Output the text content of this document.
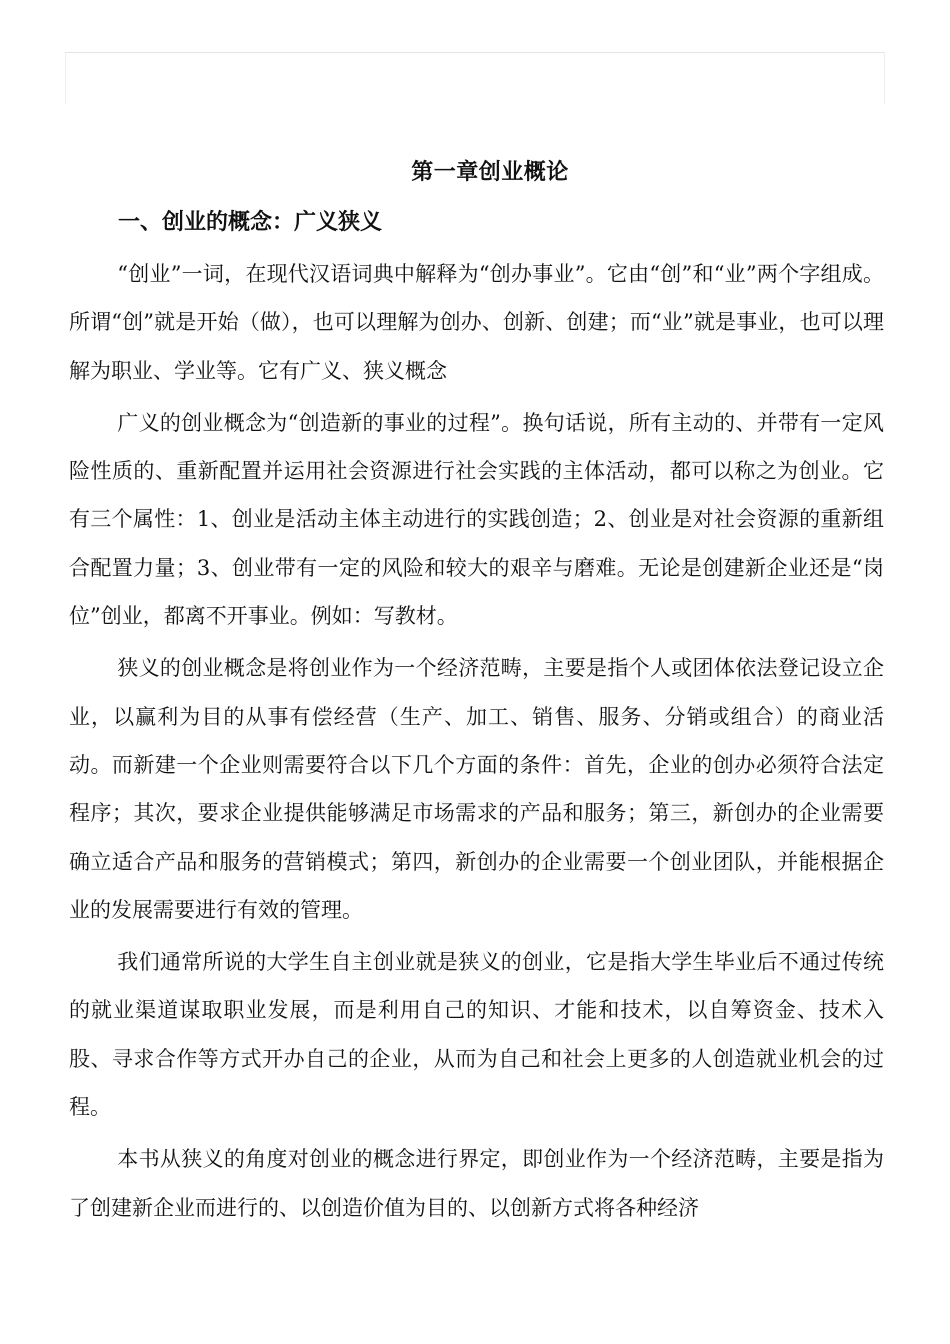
第一章创业概论
一、创业的概念：广义狭义

“创业”一词，在现代汉语词典中解释为“创办事业”。它由“创”和“业”两个字组成。所谓“创”就是开始（做），也可以理解为创办、创新、创建；而“业”就是事业，也可以理解为职业、学业等。它有广义、狭义概念

广义的创业概念为“创造新的事业的过程”。换句话说，所有主动的、并带有一定风险性质的、重新配置并运用社会资源进行社会实践的主体活动，都可以称之为创业。它有三个属性：1、创业是活动主体主动进行的实践创造；2、创业是对社会资源的重新组合配置力量；3、创业带有一定的风险和较大的艰辛与磨难。无论是创建新企业还是“岗位”创业，都离不开事业。例如：写教材。

狭义的创业概念是将创业作为一个经济范畴，主要是指个人或团体依法登记设立企业，以赢利为目的从事有偿经营（生产、加工、销售、服务、分销或组合）的商业活动。而新建一个企业则需要符合以下几个方面的条件：首先，企业的创办必须符合法定程序；其次，要求企业提供能够满足市场需求的产品和服务；第三，新创办的企业需要确立适合产品和服务的营销模式；第四，新创办的企业需要一个创业团队，并能根据企业的发展需要进行有效的管理。

我们通常所说的大学生自主创业就是狭义的创业，它是指大学生毕业后不通过传统的就业渠道谋取职业发展，而是利用自己的知识、才能和技术，以自筹资金、技术入股、寻求合作等方式开办自己的企业，从而为自己和社会上更多的人创造就业机会的过程。

本书从狭义的角度对创业的概念进行界定，即创业作为一个经济范畴，主要是指为了创建新企业而进行的、以创造价值为目的、以创新方式将各种经济
